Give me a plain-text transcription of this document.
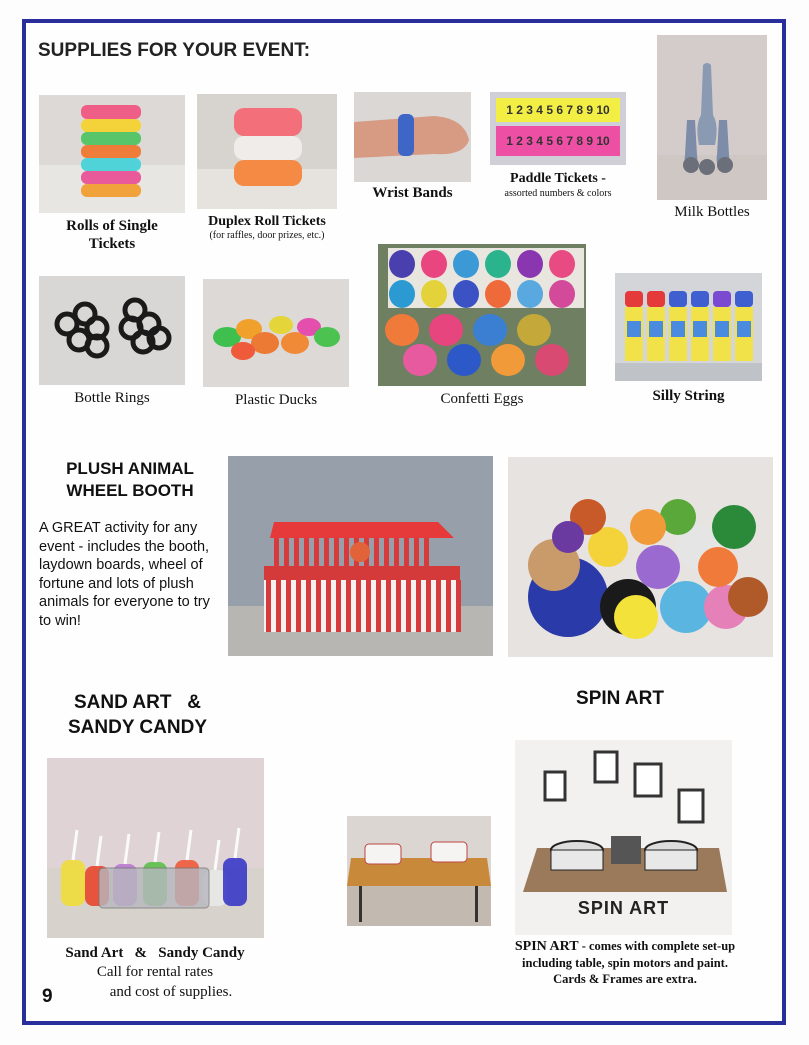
SUPPLIES FOR YOUR EVENT:
Rolls of Single Tickets
Duplex Roll Tickets
(for raffles, door prizes, etc.)
Wrist Bands
1 2 3 4 5 6 7 8 9 10
1 2 3 4 5 6 7 8 9 10
Paddle Tickets -
assorted numbers & colors
Milk Bottles
Bottle Rings	Plastic Ducks	Confetti Eggs	Silly String
PLUSH ANIMAL
WHEEL BOOTH
A GREAT activity for any event - includes the booth, laydown boards, wheel of fortune and lots of plush animals for everyone to try to win!
SAND ART   &
SANDY CANDY
Sand Art   &   Sandy Candy
Call for rental rates
and cost of supplies.
9
SPIN ART
SPIN ART
SPIN ART - comes with complete set-up including table, spin motors and paint.
Cards & Frames are extra.
